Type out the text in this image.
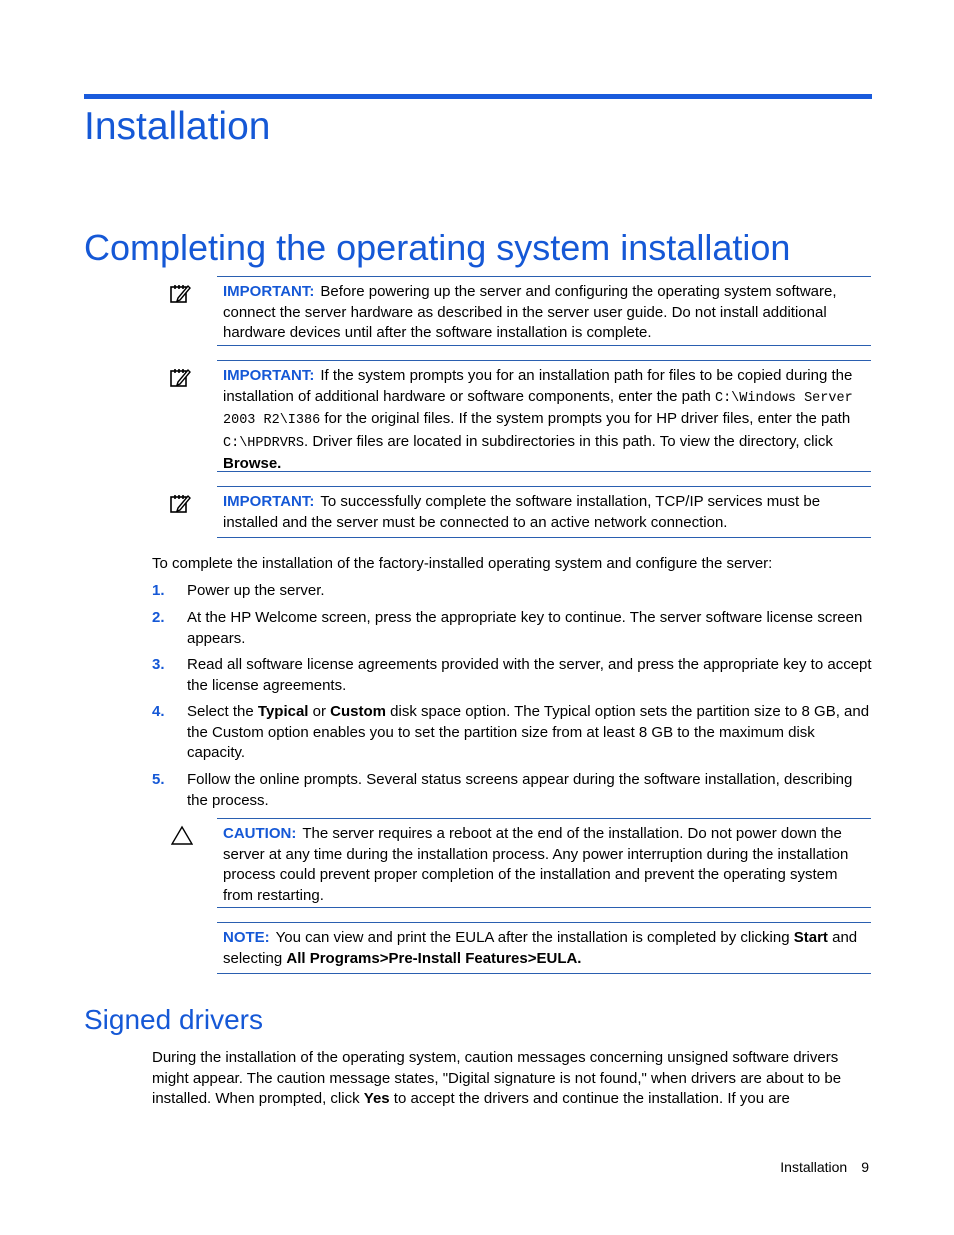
Installation
Completing the operating system installation

IMPORTANT: Before powering up the server and configuring the operating system software, connect the server hardware as described in the server user guide. Do not install additional hardware devices until after the software installation is complete.

IMPORTANT: If the system prompts you for an installation path for files to be copied during the installation of additional hardware or software components, enter the path C:\Windows Server 2003 R2\I386 for the original files. If the system prompts you for HP driver files, enter the path C:\HPDRVRS. Driver files are located in subdirectories in this path. To view the directory, click Browse.

IMPORTANT: To successfully complete the software installation, TCP/IP services must be installed and the server must be connected to an active network connection.

To complete the installation of the factory-installed operating system and configure the server:

1. Power up the server.
2. At the HP Welcome screen, press the appropriate key to continue. The server software license screen appears.
3. Read all software license agreements provided with the server, and press the appropriate key to accept the license agreements.
4. Select the Typical or Custom disk space option. The Typical option sets the partition size to 8 GB, and the Custom option enables you to set the partition size from at least 8 GB to the maximum disk capacity.
5. Follow the online prompts. Several status screens appear during the software installation, describing the process.

CAUTION: The server requires a reboot at the end of the installation. Do not power down the server at any time during the installation process. Any power interruption during the installation process could prevent proper completion of the installation and prevent the operating system from restarting.

NOTE: You can view and print the EULA after the installation is completed by clicking Start and selecting All Programs>Pre-Install Features>EULA.

Signed drivers

During the installation of the operating system, caution messages concerning unsigned software drivers might appear. The caution message states, "Digital signature is not found," when drivers are about to be installed. When prompted, click Yes to accept the drivers and continue the installation. If you are

Installation 9
